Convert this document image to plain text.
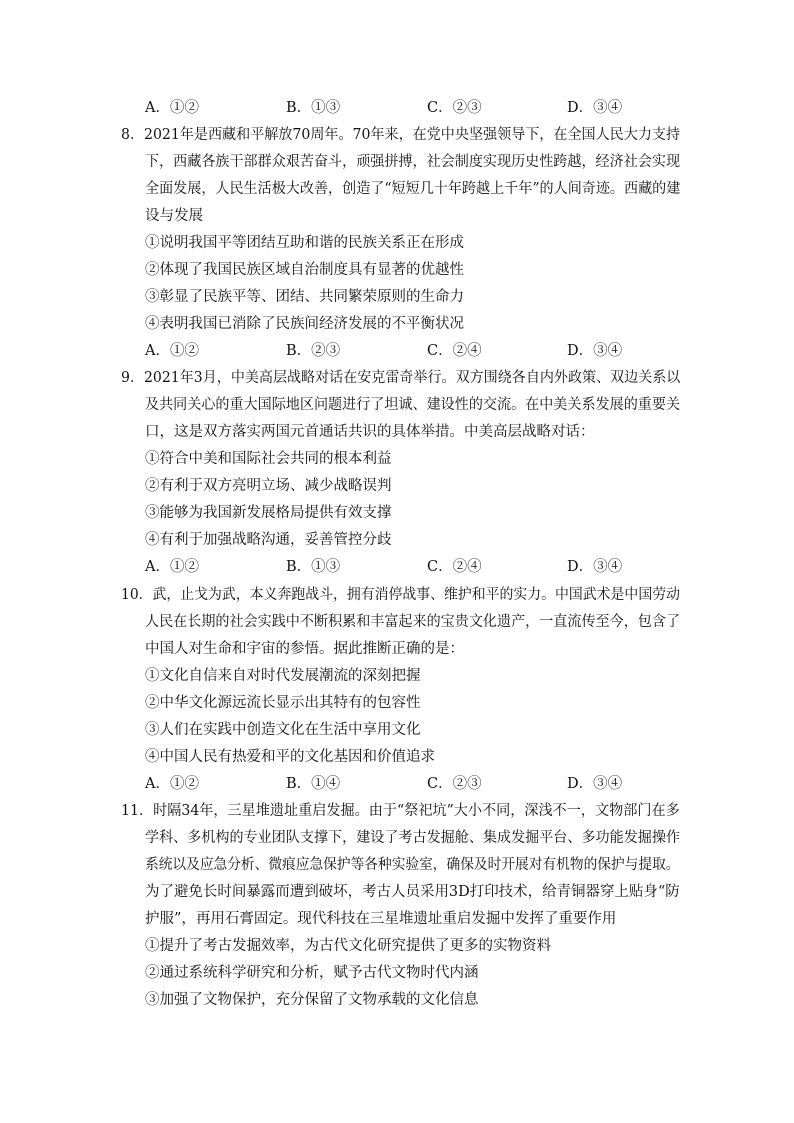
A．①②	B．①③	C．②③	D．③④
8．2021年是西藏和平解放70周年。70年来，在党中央坚强领导下，在全国人民大力支持
下，西藏各族干部群众艰苦奋斗，顽强拼搏，社会制度实现历史性跨越，经济社会实现
全面发展，人民生活极大改善，创造了“短短几十年跨越上千年”的人间奇迹。西藏的建
设与发展
①说明我国平等团结互助和谐的民族关系正在形成
②体现了我国民族区域自治制度具有显著的优越性
③彰显了民族平等、团结、共同繁荣原则的生命力
④表明我国已消除了民族间经济发展的不平衡状况
A．①②	B．②③	C．②④	D．③④
9．2021年3月，中美高层战略对话在安克雷奇举行。双方围绕各自内外政策、双边关系以
及共同关心的重大国际地区问题进行了坦诚、建设性的交流。在中美关系发展的重要关
口，这是双方落实两国元首通话共识的具体举措。中美高层战略对话：
①符合中美和国际社会共同的根本利益
②有利于双方亮明立场、减少战略误判
③能够为我国新发展格局提供有效支撑
④有利于加强战略沟通，妥善管控分歧
A．①②	B．①③	C．②④	D．③④
10．武，止戈为武，本义奔跑战斗，拥有消停战事、维护和平的实力。中国武术是中国劳动
人民在长期的社会实践中不断积累和丰富起来的宝贵文化遗产，一直流传至今，包含了
中国人对生命和宇宙的参悟。据此推断正确的是：
①文化自信来自对时代发展潮流的深刻把握
②中华文化源远流长显示出其特有的包容性
③人们在实践中创造文化在生活中享用文化
④中国人民有热爱和平的文化基因和价值追求
A．①②	B．①④	C．②③	D．③④
11．时隔34年，三星堆遗址重启发掘。由于“祭祀坑”大小不同，深浅不一，文物部门在多
学科、多机构的专业团队支撑下，建设了考古发掘舱、集成发掘平台、多功能发掘操作
系统以及应急分析、微痕应急保护等各种实验室，确保及时开展对有机物的保护与提取。
为了避免长时间暴露而遭到破坏，考古人员采用3D打印技术，给青铜器穿上贴身“防
护服”，再用石膏固定。现代科技在三星堆遗址重启发掘中发挥了重要作用
①提升了考古发掘效率，为古代文化研究提供了更多的实物资料
②通过系统科学研究和分析，赋予古代文物时代内涵
③加强了文物保护，充分保留了文物承载的文化信息
